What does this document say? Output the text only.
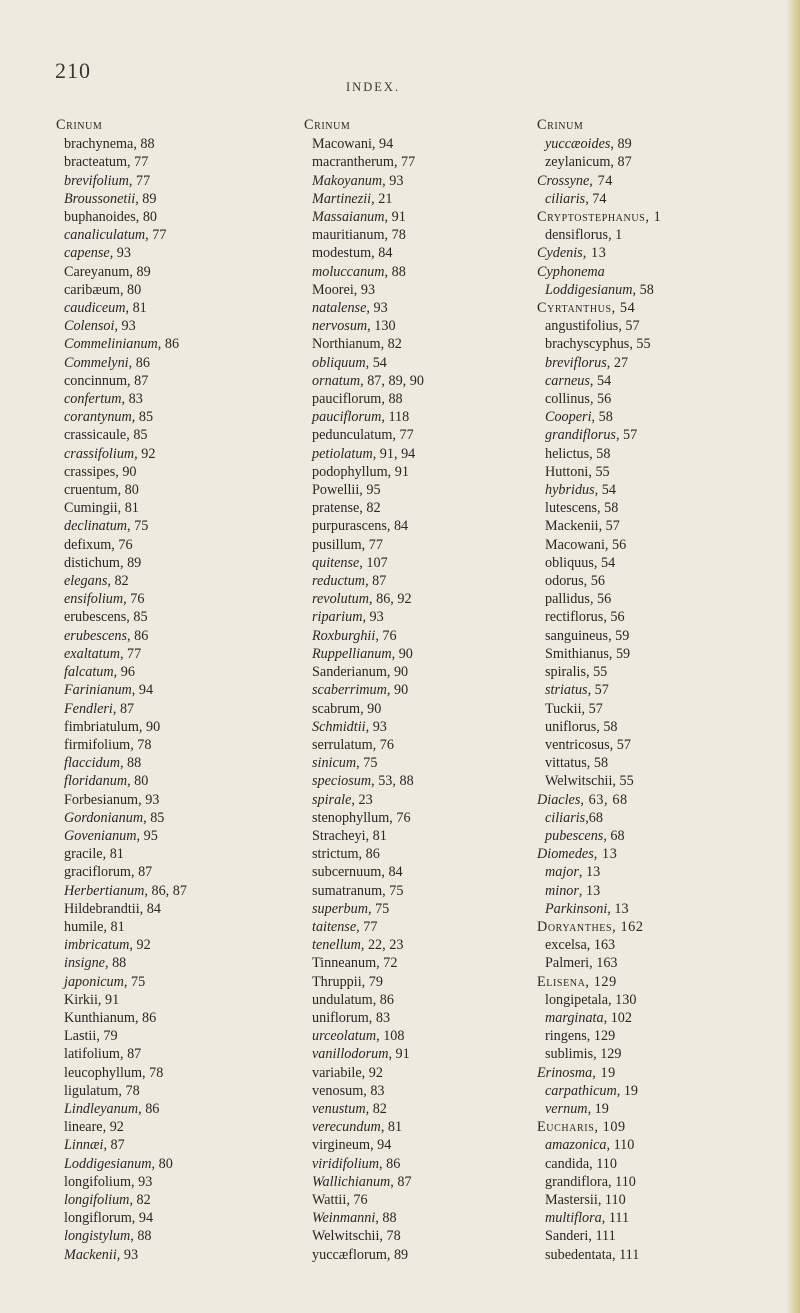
210
INDEX.
Crinum
brachynema, 88
bracteatum, 77
brevifolium, 77
Broussonetii, 89
buphanoides, 80
canaliculatum, 77
capense, 93
Careyanum, 89
caribæum, 80
caudiceum, 81
Colensoi, 93
Commelinianum, 86
Commelyni, 86
concinnum, 87
confertum, 83
corantynum, 85
crassicaule, 85
crassifolium, 92
crassipes, 90
cruentum, 80
Cumingii, 81
declinatum, 75
defixum, 76
distichum, 89
elegans, 82
ensifolium, 76
erubescens, 85
erubescens, 86
exaltatum, 77
falcatum, 96
Farinianum, 94
Fendleri, 87
fimbriatulum, 90
firmifolium, 78
flaccidum, 88
floridanum, 80
Forbesianum, 93
Gordonianum, 85
Govenianum, 95
gracile, 81
graciflorum, 87
Herbertianum, 86, 87
Hildebrandtii, 84
humile, 81
imbricatum, 92
insigne, 88
japonicum, 75
Kirkii, 91
Kunthianum, 86
Lastii, 79
latifolium, 87
leucophyllum, 78
ligulatum, 78
Lindleyanum, 86
lineare, 92
Linnæi, 87
Loddigesianum, 80
longifolium, 93
longifolium, 82
longiflorum, 94
longistylum, 88
Mackenii, 93
Crinum
Macowani, 94
macrantherum, 77
Makoyanum, 93
Martinezii, 21
Massaianum, 91
mauritianum, 78
modestum, 84
moluccanum, 88
Moorei, 93
natalense, 93
nervosum, 130
Northianum, 82
obliquum, 54
ornatum, 87, 89, 90
pauciflorum, 88
pauciflorum, 118
pedunculatum, 77
petiolatum, 91, 94
podophyllum, 91
Powellii, 95
pratense, 82
purpurascens, 84
pusillum, 77
quitense, 107
reductum, 87
revolutum, 86, 92
riparium, 93
Roxburghii, 76
Ruppellianum, 90
Sanderianum, 90
scaberrimum, 90
scabrum, 90
Schmidtii, 93
serrulatum, 76
sinicum, 75
speciosum, 53, 88
spirale, 23
stenophyllum, 76
Stracheyi, 81
strictum, 86
subcernuum, 84
sumatranum, 75
superbum, 75
taitense, 77
tenellum, 22, 23
Tinneanum, 72
Thruppii, 79
undulatum, 86
uniflorum, 83
urceolatum, 108
vanillodorum, 91
variabile, 92
venosum, 83
venustum, 82
verecundum, 81
virgineum, 94
viridifolium, 86
Wallichianum, 87
Wattii, 76
Weinmanni, 88
Welwitschii, 78
yuccæflorum, 89
Crinum
yuccæoides, 89
zeylanicum, 87
Crossyne, 74
ciliaris, 74
Cryptostephanus, 1
densiflorus, 1
Cydenis, 13
Cyphonema
Loddigesianum, 58
Cyrtanthus, 54
angustifolius, 57
brachyscyphus, 55
breviflorus, 27
carneus, 54
collinus, 56
Cooperi, 58
grandiflorus, 57
helictus, 58
Huttoni, 55
hybridus, 54
lutescens, 58
Mackenii, 57
Macowani, 56
obliquus, 54
odorus, 56
pallidus, 56
rectiflorus, 56
sanguineus, 59
Smithianus, 59
spiralis, 55
striatus, 57
Tuckii, 57
uniflorus, 58
ventricosus, 57
vittatus, 58
Welwitschii, 55
Diacles, 63, 68
ciliaris,68
pubescens, 68
Diomedes, 13
major, 13
minor, 13
Parkinsoni, 13
Doryanthes, 162
excelsa, 163
Palmeri, 163
Elisena, 129
longipetala, 130
marginata, 102
ringens, 129
sublimis, 129
Erinosma, 19
carpathicum, 19
vernum, 19
Eucharis, 109
amazonica, 110
candida, 110
grandiflora, 110
Mastersii, 110
multiflora, 111
Sanderi, 111
subedentata, 111
